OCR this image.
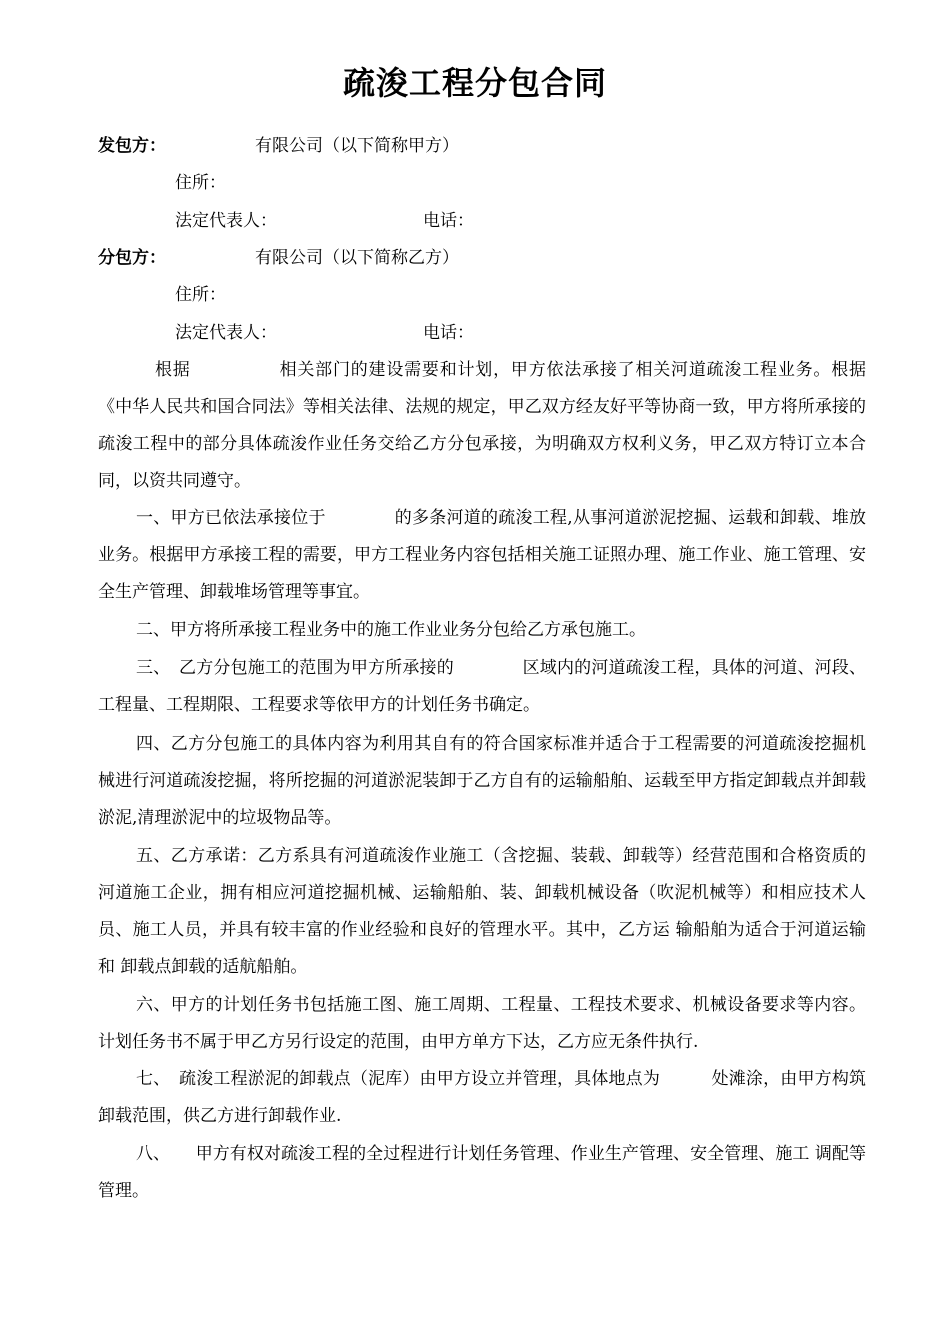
疏浚工程分包合同
发包方：	有限公司（以下简称甲方）
住所：
法定代表人：	电话：
分包方：	有限公司（以下简称乙方）
住所：
法定代表人：	电话：

根据　　　　　相关部门的建设需要和计划，甲方依法承接了相关河道疏浚工程业务。根据《中华人民共和国合同法》等相关法律、法规的规定，甲乙双方经友好平等协商一致，甲方将所承接的疏浚工程中的部分具体疏浚作业任务交给乙方分包承接，为明确双方权利义务，甲乙双方特订立本合同，以资共同遵守。

一、甲方已依法承接位于　　　　的多条河道的疏浚工程,从事河道淤泥挖掘、运载和卸载、堆放业务。根据甲方承接工程的需要，甲方工程业务内容包括相关施工证照办理、施工作业、施工管理、安全生产管理、卸载堆场管理等事宜。

二、甲方将所承接工程业务中的施工作业业务分包给乙方承包施工。

三、　乙方分包施工的范围为甲方所承接的　　　　区域内的河道疏浚工程，具体的河道、河段、工程量、工程期限、工程要求等依甲方的计划任务书确定。

四、乙方分包施工的具体内容为利用其自有的符合国家标准并适合于工程需要的河道疏浚挖掘机械进行河道疏浚挖掘，将所挖掘的河道淤泥装卸于乙方自有的运输船舶、运载至甲方指定卸载点并卸载淤泥,清理淤泥中的垃圾物品等。

五、乙方承诺：乙方系具有河道疏浚作业施工（含挖掘、装载、卸载等）经营范围和合格资质的河道施工企业，拥有相应河道挖掘机械、运输船舶、装、卸载机械设备（吹泥机械等）和相应技术人员、施工人员，并具有较丰富的作业经验和良好的管理水平。其中，乙方运 输船舶为适合于河道运输和 卸载点卸载的适航船舶。

六、甲方的计划任务书包括施工图、施工周期、工程量、工程技术要求、机械设备要求等内容。计划任务书不属于甲乙方另行设定的范围，由甲方单方下达，乙方应无条件执行.

七、　疏浚工程淤泥的卸载点（泥库）由甲方设立并管理，具体地点为　　　处滩涂，由甲方构筑卸载范围，供乙方进行卸载作业.

八、　　甲方有权对疏浚工程的全过程进行计划任务管理、作业生产管理、安全管理、施工 调配等管理。
